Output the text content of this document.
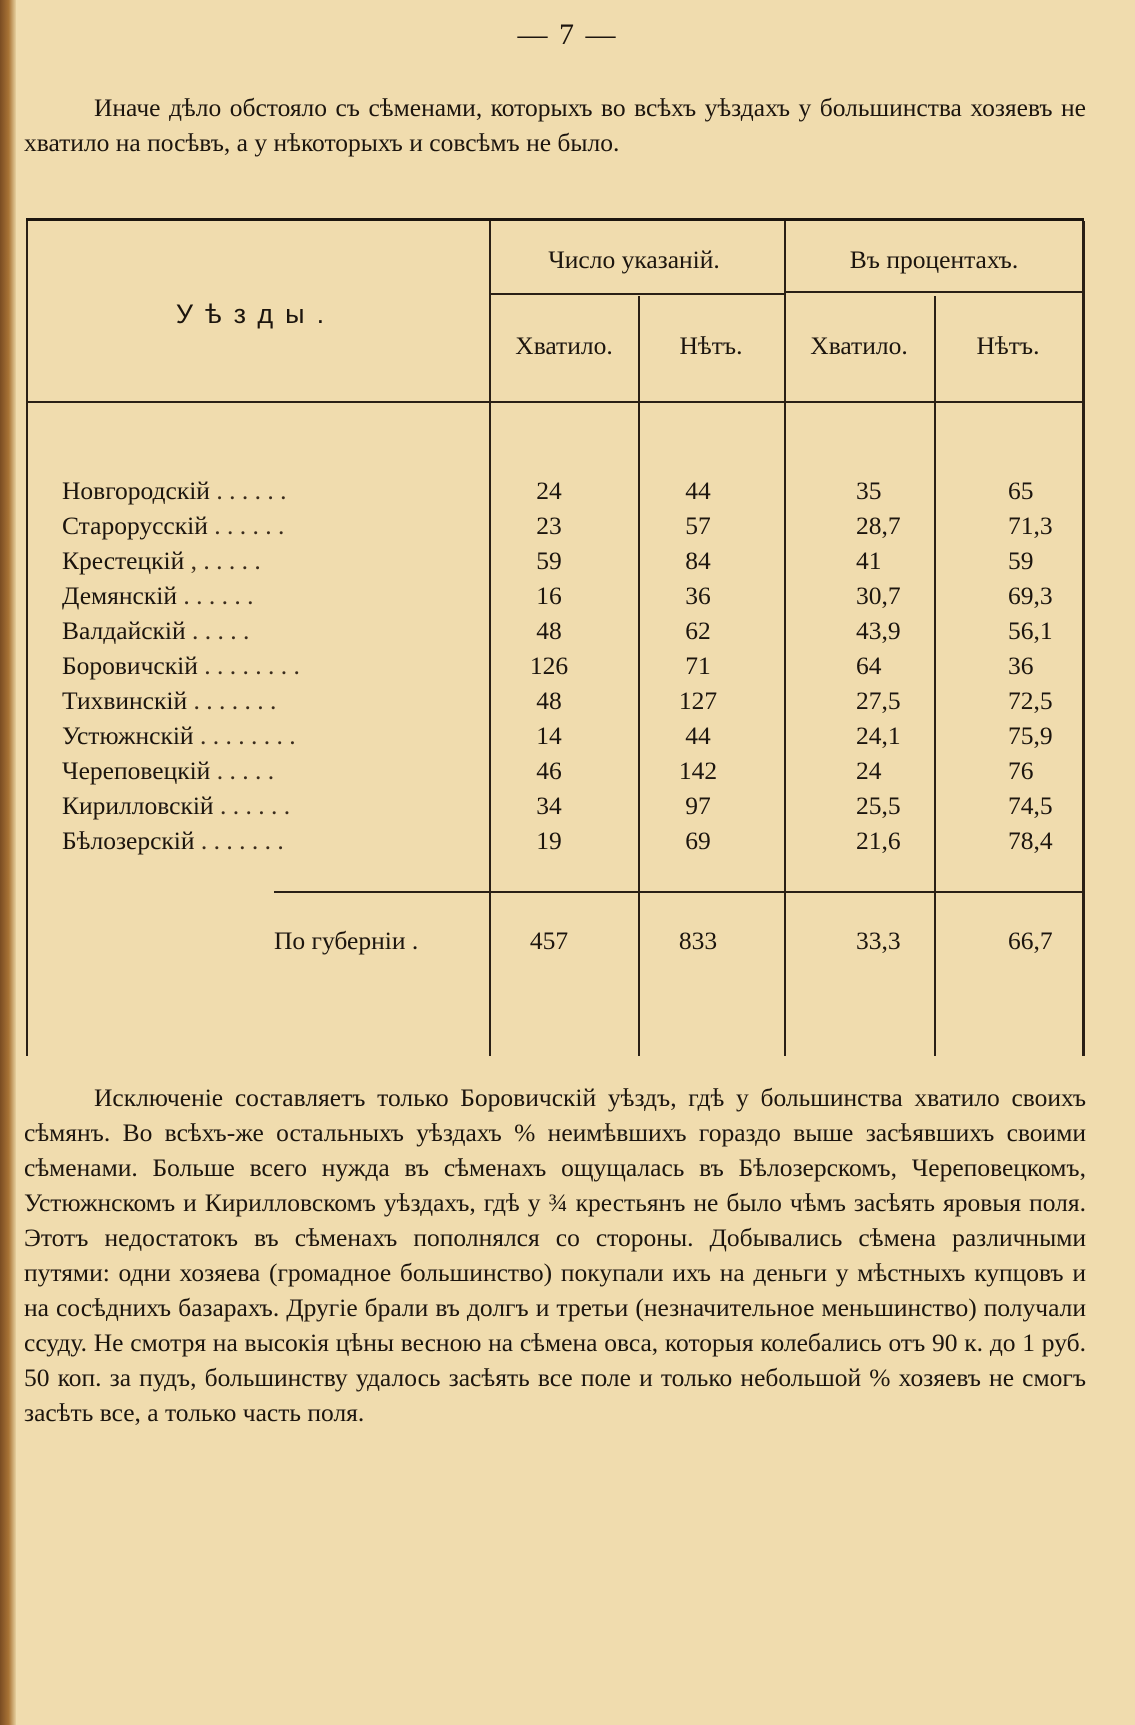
— 7 —

Иначе дѣло обстояло съ сѣменами, которыхъ во всѣхъ уѣздахъ у большинства хозяевъ не хватило на посѣвъ, а у нѣкоторыхъ и совсѣмъ не было.

Уѣзды.
Число указаній.	Въ процентахъ.
Хватило.	Нѣтъ.	Хватило.	Нѣтъ.
Новгородскій . . . . . .	24	44	35	65
Старорусскій . . . . . .	23	57	28,7	71,3
Крестецкій , . . . . .	59	84	41	59
Демянскій . . . . . .	16	36	30,7	69,3
Валдайскій . . . . .	48	62	43,9	56,1
Боровичскій . . . . . . . .	126	71	64	36
Тихвинскій . . . . . . .	48	127	27,5	72,5
Устюжнскій . . . . . . . .	14	44	24,1	75,9
Череповецкій . . . . .	46	142	24	76
Кирилловскій . . . . . .	34	97	25,5	74,5
Бѣлозерскій . . . . . . .	19	69	21,6	78,4
По губерніи .	457	833	33,3	66,7

Исключеніе составляетъ только Боровичскій уѣздъ, гдѣ у большинства хватило своихъ сѣмянъ. Во всѣхъ-же остальныхъ уѣздахъ % неимѣвшихъ гораздо выше засѣявшихъ своими сѣменами. Больше всего нужда въ сѣменахъ ощущалась въ Бѣлозерскомъ, Череповецкомъ, Устюжнскомъ и Кирилловскомъ уѣздахъ, гдѣ у ¾ крестьянъ не было чѣмъ засѣять яровыя поля. Этотъ недостатокъ въ сѣменахъ пополнялся со стороны. Добывались сѣмена различными путями: одни хозяева (громадное большинство) покупали ихъ на деньги у мѣстныхъ купцовъ и на сосѣднихъ базарахъ. Другіе брали въ долгъ и третьи (незначительное меньшинство) получали ссуду. Не смотря на высокія цѣны весною на сѣмена овса, которыя колебались отъ 90 к. до 1 руб. 50 коп. за пудъ, большинству удалось засѣять все поле и только небольшой % хозяевъ не смогъ засѣть все, а только часть поля.
